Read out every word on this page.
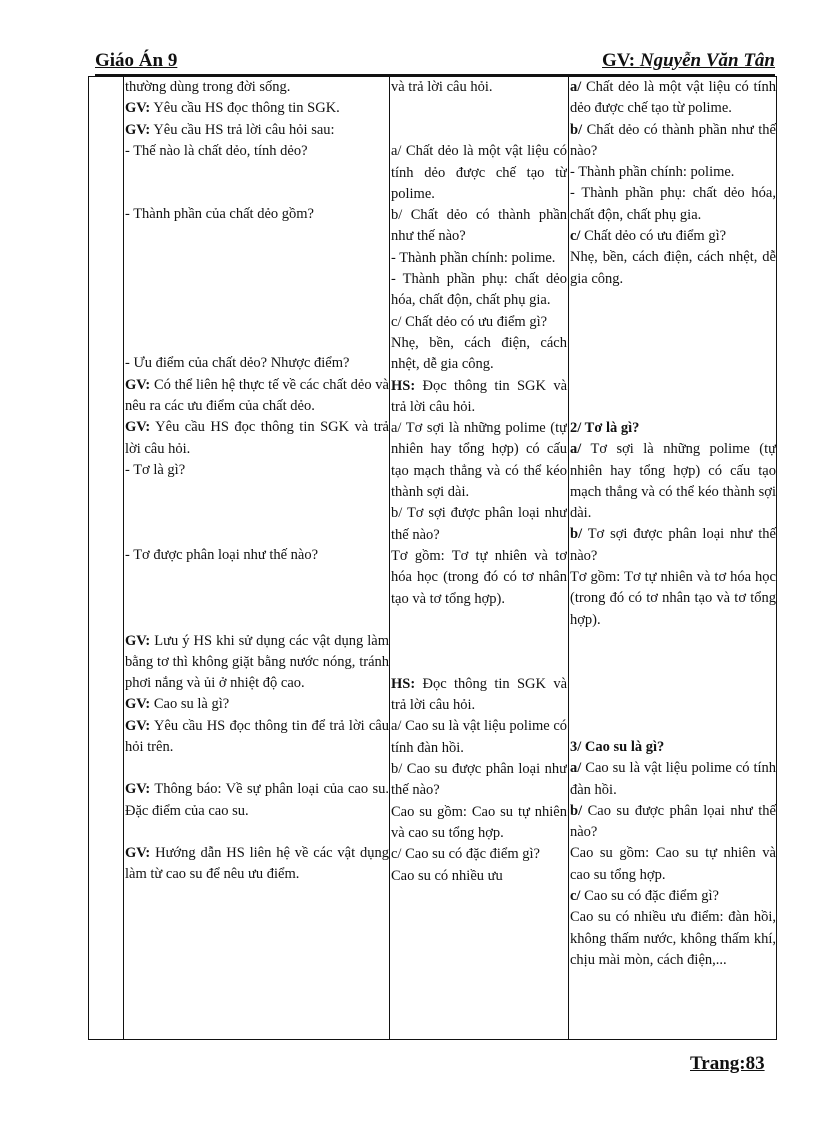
Giáo Án 9	GV: Nguyễn Văn Tân

thường dùng trong đời sống.

GV: Yêu cầu HS đọc thông tin SGK.

GV: Yêu cầu HS trả lời câu hỏi sau:

- Thế nào là chất dẻo, tính dẻo?

- Thành phần của chất dẻo gồm?

- Ưu điểm của chất dẻo? Nhược điểm?

GV: Có thể liên hệ thực tế về các chất dẻo và nêu ra các ưu điểm của chất dẻo.

GV: Yêu cầu HS đọc thông tin SGK và trả lời câu hỏi.

- Tơ là gì?

- Tơ được phân loại như thế nào?

GV: Lưu ý HS khi sử dụng các vật dụng làm bằng tơ thì không giặt bằng nước nóng, tránh phơi nắng và ủi ở nhiệt độ cao.

GV: Cao su là gì?

GV: Yêu cầu HS đọc thông tin để trả lời câu hỏi trên.

GV: Thông báo: Về sự phân loại của cao su. Đặc điểm của cao su.

GV: Hướng dẫn HS liên hệ về các vật dụng làm từ cao su để nêu ưu điểm.

và trả lời câu hỏi.

a/ Chất dẻo là một vật liệu có tính dẻo được chế tạo từ polime.

b/ Chất dẻo có thành phần như thế nào?

- Thành phần chính: polime.

- Thành phần phụ: chất dẻo hóa, chất độn, chất phụ gia.

c/ Chất dẻo có ưu điểm gì?

Nhẹ, bền, cách điện, cách nhệt, dễ gia công.

HS: Đọc thông tin SGK và trả lời câu hỏi.

a/ Tơ sợi là những polime (tự nhiên hay tổng hợp) có cấu tạo mạch thẳng và có thể kéo thành sợi dài.

b/ Tơ sợi được phân loại như thế nào?

Tơ gồm: Tơ tự nhiên và tơ hóa học (trong đó có tơ nhân tạo và tơ tổng hợp).

HS: Đọc thông tin SGK và trả lời câu hỏi.

a/ Cao su là vật liệu polime có tính đàn hồi.

b/ Cao su được phân loại như thế nào?

Cao su gồm: Cao su tự nhiên và cao su tổng hợp.

c/ Cao su có đặc điểm gì?

Cao su có nhiều ưu

a/ Chất dẻo là một vật liệu có tính dẻo được chế tạo từ polime.

b/ Chất dẻo có thành phần như thế nào?

- Thành phần chính: polime.

- Thành phần phụ: chất dẻo hóa, chất độn, chất phụ gia.

c/ Chất dẻo có ưu điểm gì?

Nhẹ, bền, cách điện, cách nhệt, dễ gia công.

2/ Tơ là gì?

a/ Tơ sợi là những polime (tự nhiên hay tổng hợp) có cấu tạo mạch thẳng và có thể kéo thành sợi dài.

b/ Tơ sợi được phân loại như thế nào?

Tơ gồm: Tơ tự nhiên và tơ hóa học (trong đó có tơ nhân tạo và tơ tổng hợp).

3/ Cao su là gì?

a/ Cao su là vật liệu polime có tính đàn hồi.

b/ Cao su được phân lọai như thế nào?

Cao su gồm: Cao su tự nhiên và cao su tổng hợp.

c/ Cao su có đặc điểm gì?

Cao su có nhiều ưu điểm: đàn hồi, không thấm nước, không thấm khí, chịu mài mòn, cách điện,...

Trang:83
